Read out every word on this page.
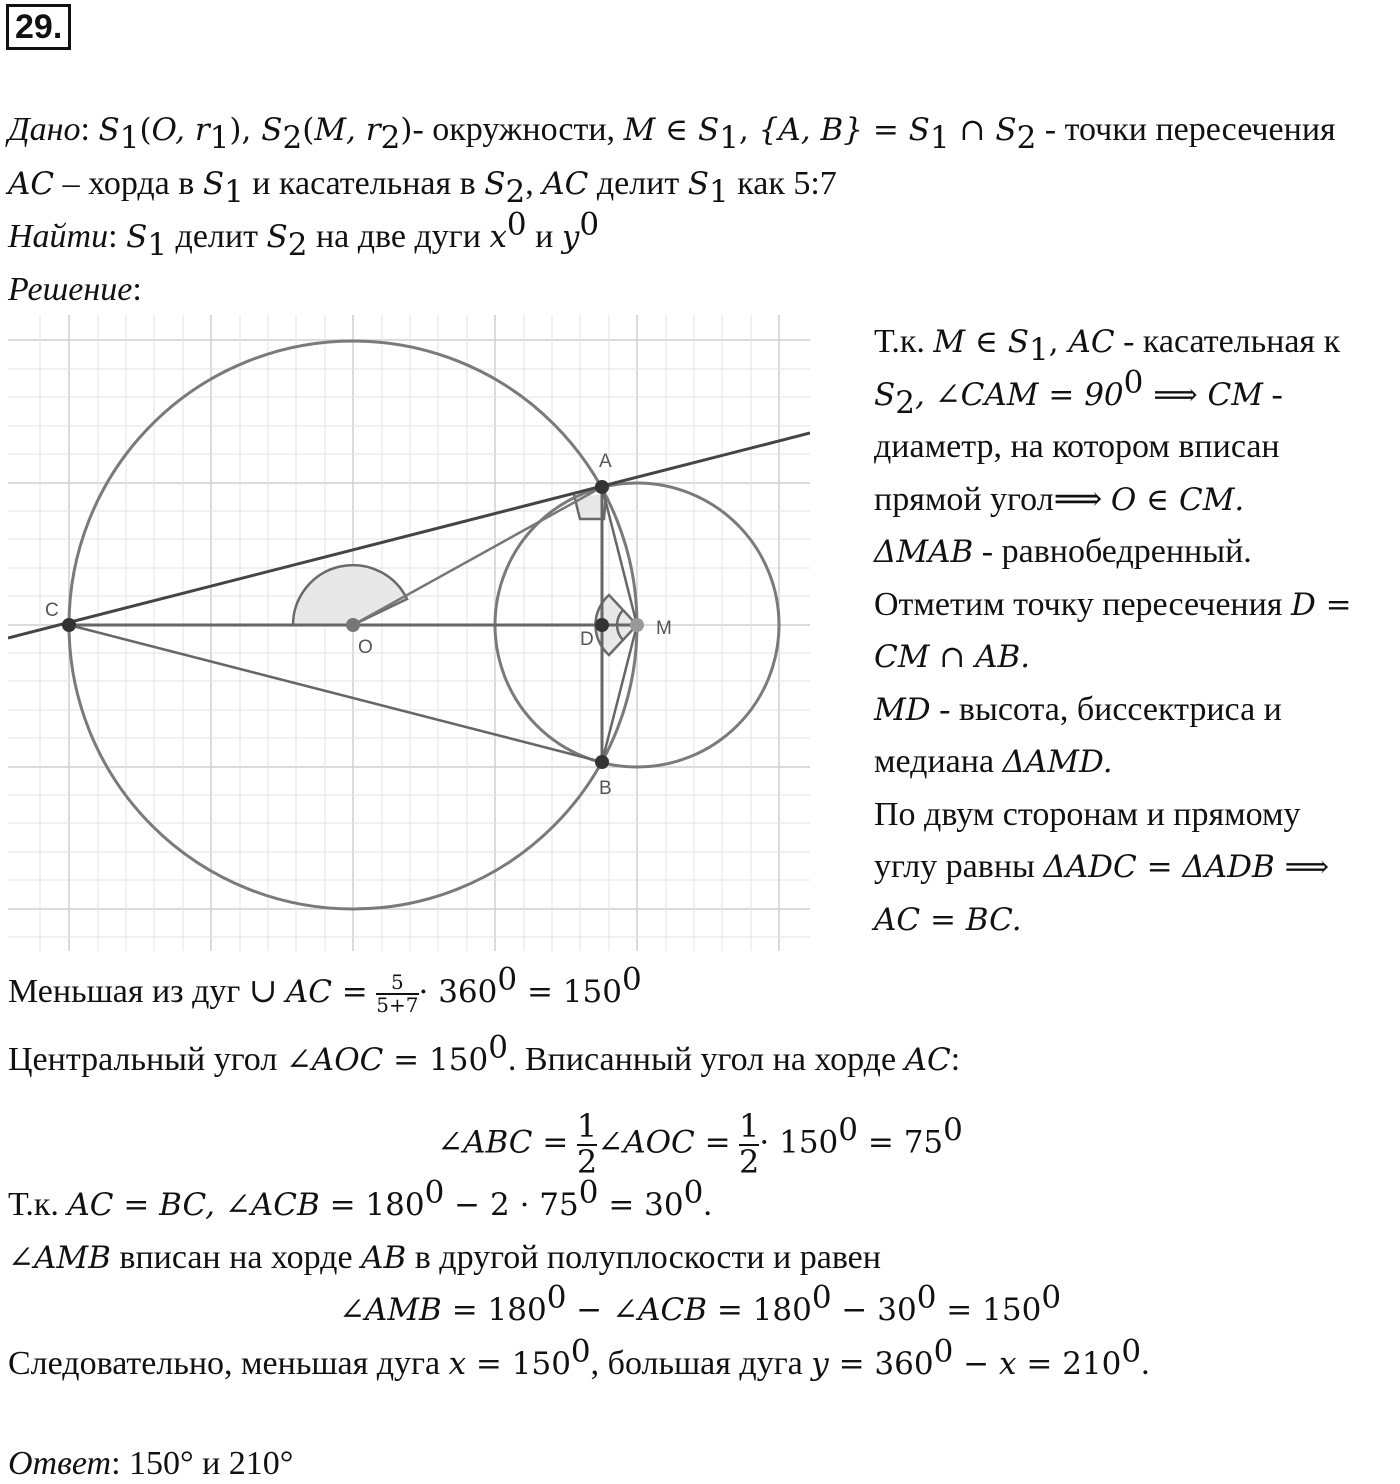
29.
Дано: $S_1(O$, $r_1$), $S_2(M$, $r_2)-$ окружности, M ∈ $S_1$, {A, $B\} = S_1$ ∩ $S_2$ - точки пересечения
AC – хорда в $S_1$ и касательная в $S_2$, AC делит $S_1$ как 5:7
Найти: $S_1$ делит $S_2$ на две дуги $x^0$ и $y^0$
Решение:
A
B
C
O	D
M
Т.к. M ∈ $S_1$, AC - касательная к
$S_2$, ∠CAM = $90^0$ ⟹ CM -
диаметр, на котором вписан
прямой угол⟹ O ∈ CM.
ΔMAB - равнобедренный.
Отметим точку пересечения D =
CM ∩ AB.
MD - высота, биссектриса и
медиана ΔAMD.
По двум сторонам и прямому
углу равны ΔADC = ΔADB ⟹
AC = BC.
Меньшая из дуг ∪ AC = $\frac{5}{5+7} \cdot 360^0 = 150^0$
Центральный угол ∠AOC = $150^0$. Вписанный угол на хорде AC:
∠ABC = $\frac{1}{2}$ ∠AOC = $\frac{1}{2} \cdot 150^0 = 75^0$
Т.к. AC = BC, ∠ACB = $180^0 - 2 \cdot 75^0 = 30^0$.
∠AMB вписан на хорде AB в другой полуплоскости и равен
∠AMB = $180^0$ − ∠ACB = $180^0 - 30^0 = 150^0$
Следовательно, меньшая дуга $x = 150^0$, большая дуга $y = 360^0 - x = 210^0$.
Ответ: 150° и 210°
